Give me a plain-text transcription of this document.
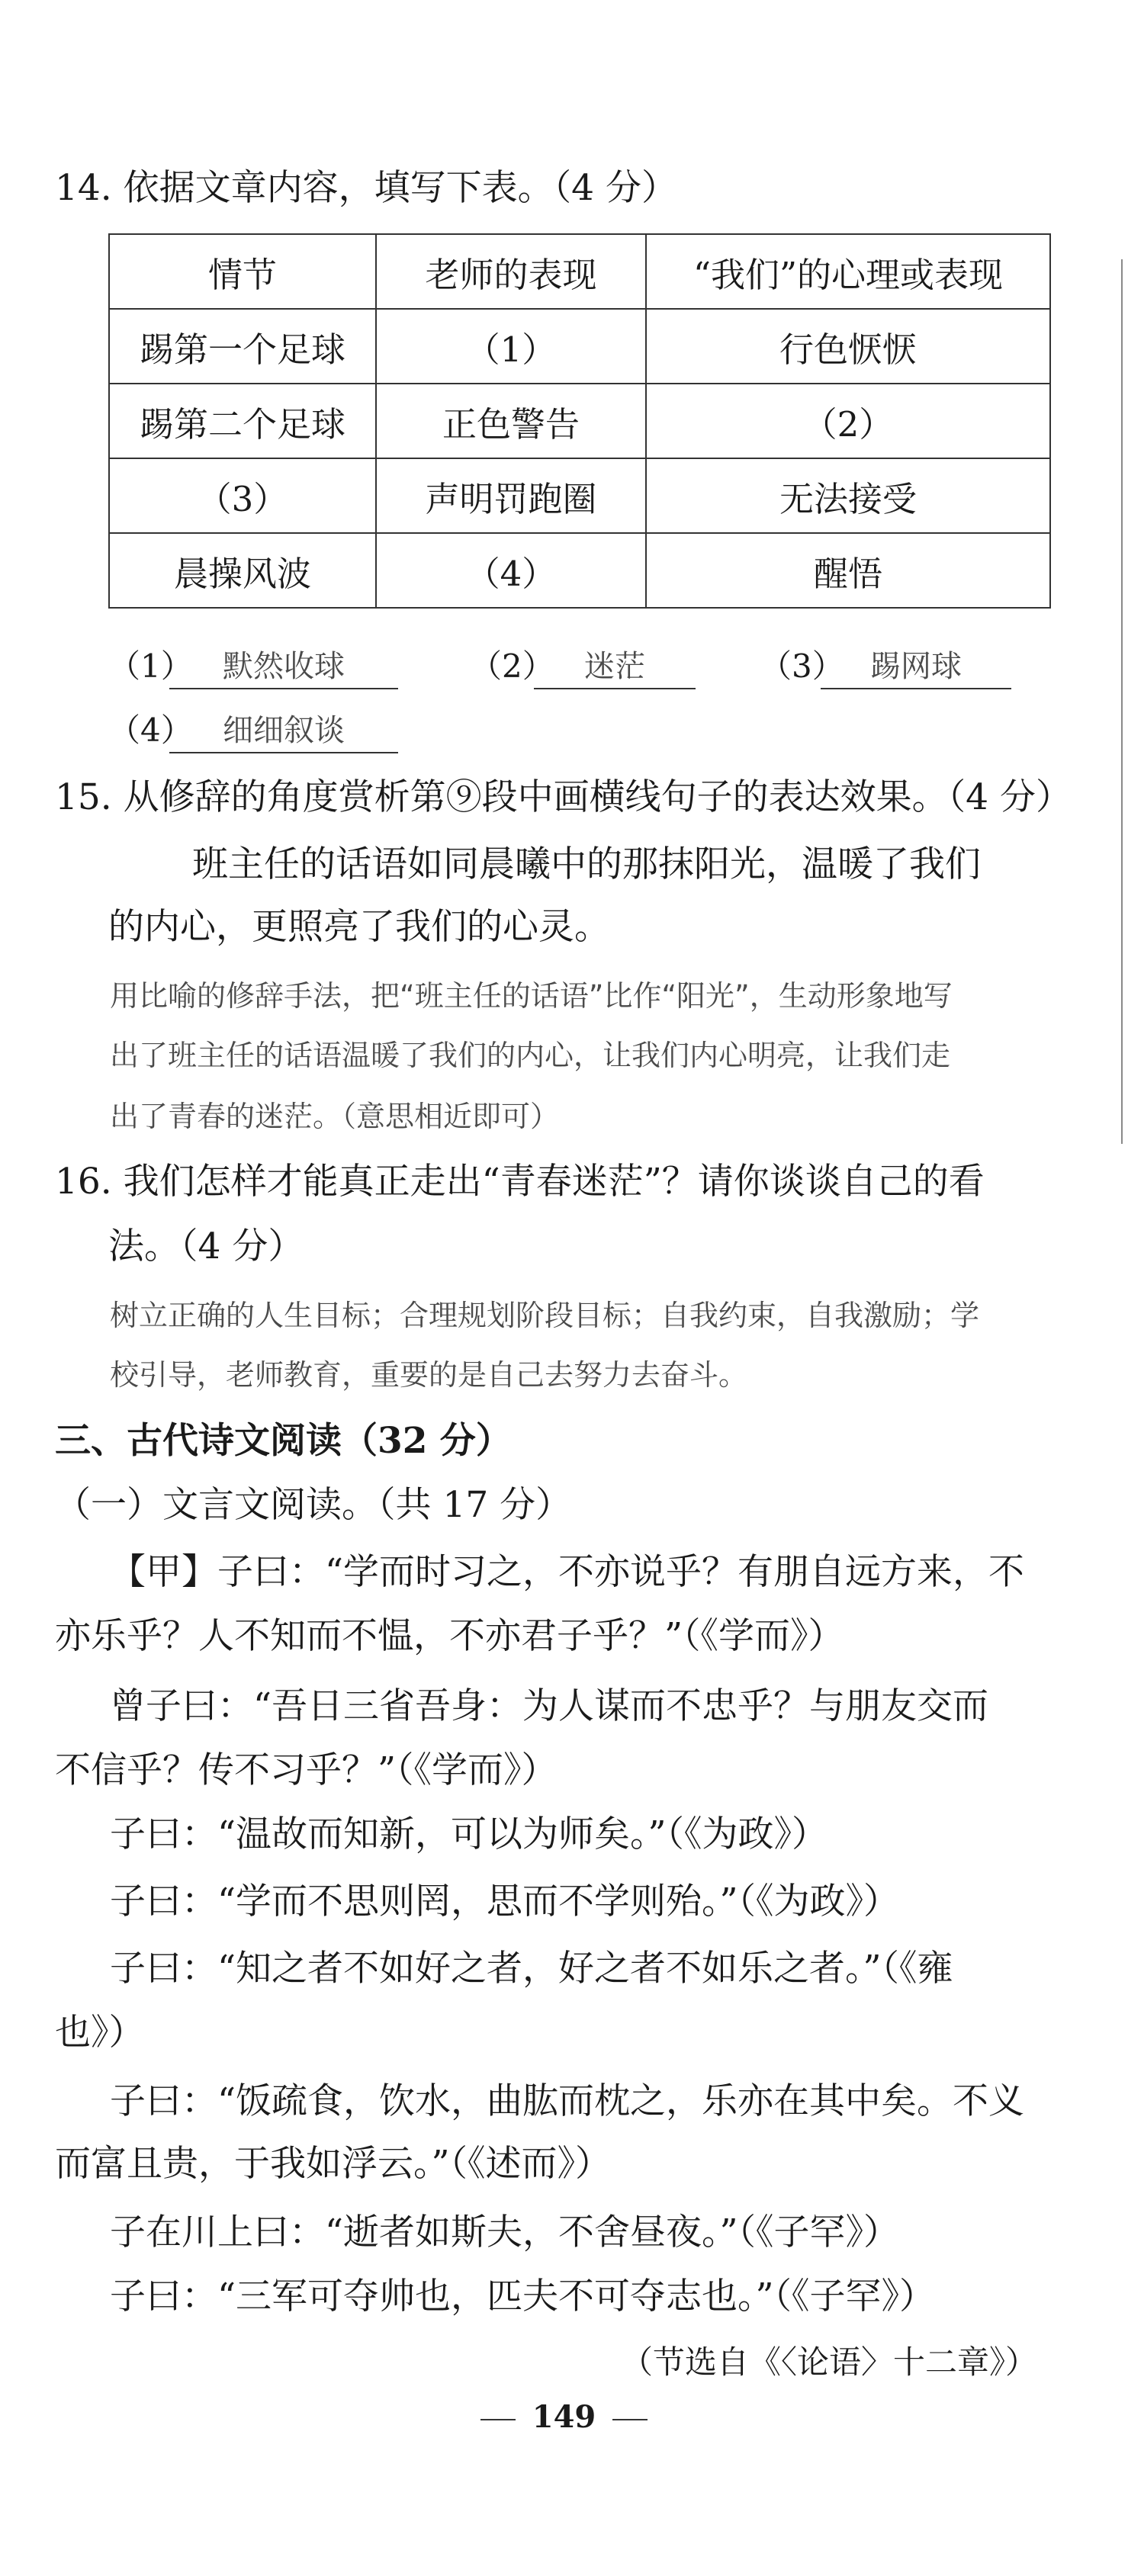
14. 依据文章内容，填写下表。（4 分）
情节	老师的表现	“我们”的心理或表现
踢第一个足球	（1）	行色恹恹
踢第二个足球	正色警告	（2）
（3）	声明罚跑圈	无法接受
晨操风波	（4）	醒悟
（1） 默然收球	（2） 迷茫	（3） 踢网球
（4） 细细叙谈
15. 从修辞的角度赏析第⑨段中画横线句子的表达效果。（4 分）
班主任的话语如同晨曦中的那抹阳光，温暖了我们
的内心，更照亮了我们的心灵。
用比喻的修辞手法，把“班主任的话语”比作“阳光”，生动形象地写
出了班主任的话语温暖了我们的内心，让我们内心明亮，让我们走
出了青春的迷茫。（意思相近即可）
16. 我们怎样才能真正走出“青春迷茫”？请你谈谈自己的看
法。（4 分）
树立正确的人生目标；合理规划阶段目标；自我约束，自我激励；学
校引导，老师教育，重要的是自己去努力去奋斗。
三、古代诗文阅读（32 分）
（一）文言文阅读。（共 17 分）
【甲】子曰：“学而时习之，不亦说乎？有朋自远方来，不
亦乐乎？人不知而不愠，不亦君子乎？”（《学而》）
曾子曰：“吾日三省吾身：为人谋而不忠乎？与朋友交而
不信乎？传不习乎？”（《学而》）
子曰：“温故而知新，可以为师矣。”（《为政》）
子曰：“学而不思则罔，思而不学则殆。”（《为政》）
子曰：“知之者不如好之者，好之者不如乐之者。”（《雍
也》）
子曰：“饭疏食，饮水，曲肱而枕之，乐亦在其中矣。不义
而富且贵，于我如浮云。”（《述而》）
子在川上曰：“逝者如斯夫，不舍昼夜。”（《子罕》）
子曰：“三军可夺帅也，匹夫不可夺志也。”（《子罕》）
（节选自《〈论语〉十二章》）
149
